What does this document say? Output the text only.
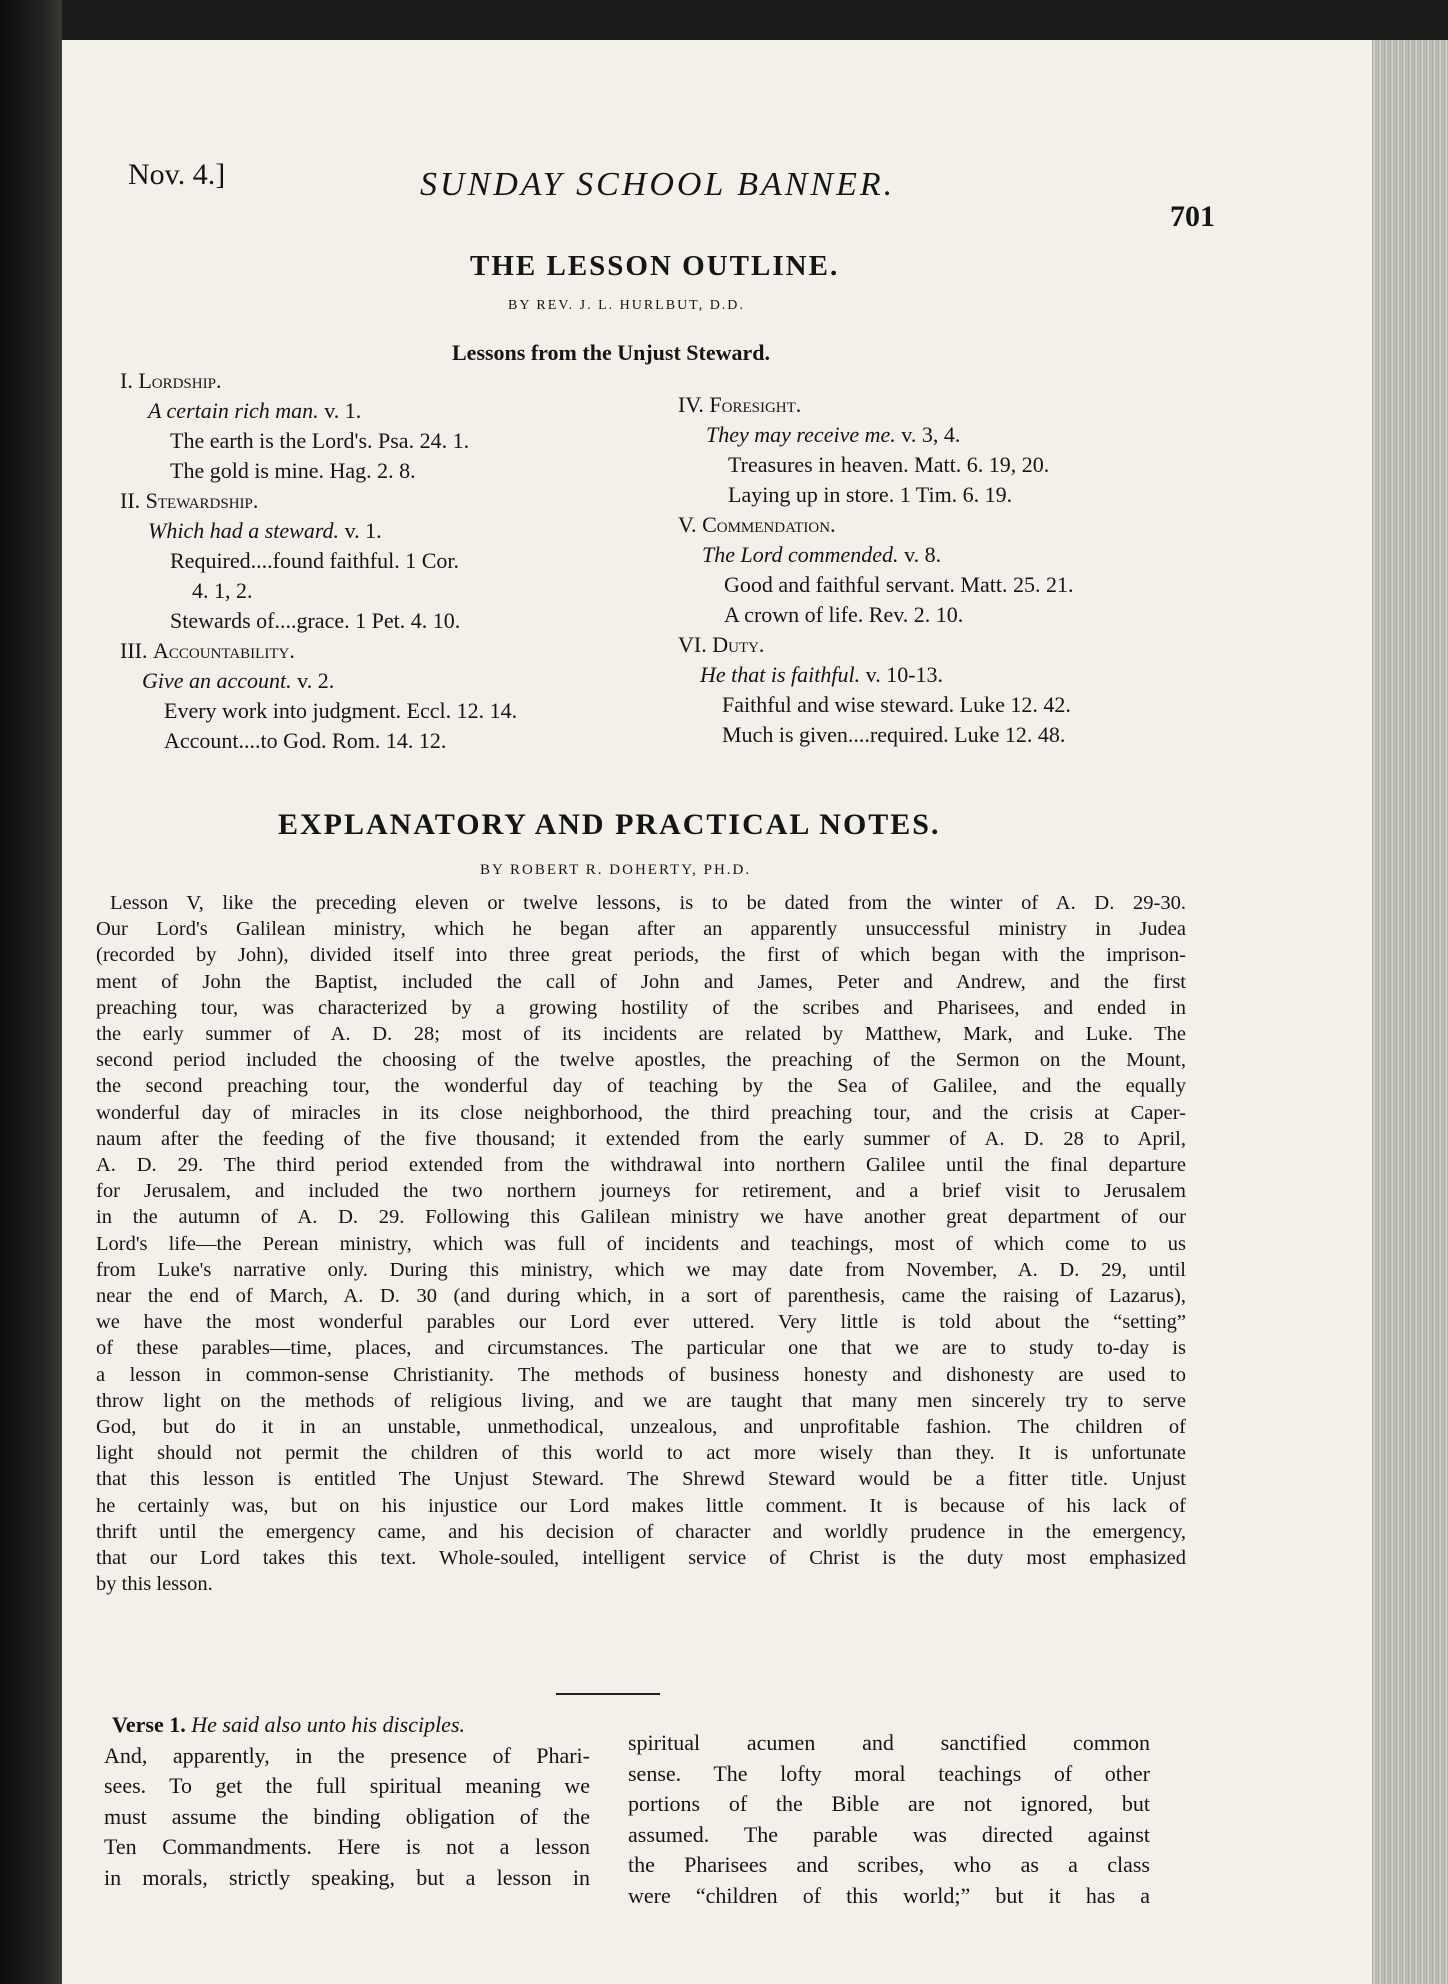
Nov. 4.]	SUNDAY SCHOOL BANNER.
701
THE LESSON OUTLINE.
BY REV. J. L. HURLBUT, D.D.
Lessons from the Unjust Steward.
I. Lordship.
A certain rich man. v. 1.
The earth is the Lord's. Psa. 24. 1.
The gold is mine. Hag. 2. 8.
II. Stewardship.
Which had a steward. v. 1.
Required....found faithful. 1 Cor.
4. 1, 2.
Stewards of....grace. 1 Pet. 4. 10.
III. Accountability.
Give an account. v. 2.
Every work into judgment. Eccl. 12. 14.
Account....to God. Rom. 14. 12.
IV. Foresight.
They may receive me. v. 3, 4.
Treasures in heaven. Matt. 6. 19, 20.
Laying up in store. 1 Tim. 6. 19.
V. Commendation.
The Lord commended. v. 8.
Good and faithful servant. Matt. 25. 21.
A crown of life. Rev. 2. 10.
VI. Duty.
He that is faithful. v. 10-13.
Faithful and wise steward. Luke 12. 42.
Much is given....required. Luke 12. 48.
EXPLANATORY AND PRACTICAL NOTES.
BY ROBERT R. DOHERTY, PH.D.
Lesson V, like the preceding eleven or twelve lessons, is to be dated from the winter of A. D. 29-30.
Our Lord's Galilean ministry, which he began after an apparently unsuccessful ministry in Judea
(recorded by John), divided itself into three great periods, the first of which began with the imprison-
ment of John the Baptist, included the call of John and James, Peter and Andrew, and the first
preaching tour, was characterized by a growing hostility of the scribes and Pharisees, and ended in
the early summer of A. D. 28; most of its incidents are related by Matthew, Mark, and Luke. The
second period included the choosing of the twelve apostles, the preaching of the Sermon on the Mount,
the second preaching tour, the wonderful day of teaching by the Sea of Galilee, and the equally
wonderful day of miracles in its close neighborhood, the third preaching tour, and the crisis at Caper-
naum after the feeding of the five thousand; it extended from the early summer of A. D. 28 to April,
A. D. 29. The third period extended from the withdrawal into northern Galilee until the final departure
for Jerusalem, and included the two northern journeys for retirement, and a brief visit to Jerusalem
in the autumn of A. D. 29. Following this Galilean ministry we have another great department of our
Lord's life—the Perean ministry, which was full of incidents and teachings, most of which come to us
from Luke's narrative only. During this ministry, which we may date from November, A. D. 29, until
near the end of March, A. D. 30 (and during which, in a sort of parenthesis, came the raising of Lazarus),
we have the most wonderful parables our Lord ever uttered. Very little is told about the “setting”
of these parables—time, places, and circumstances. The particular one that we are to study to-day is
a lesson in common-sense Christianity. The methods of business honesty and dishonesty are used to
throw light on the methods of religious living, and we are taught that many men sincerely try to serve
God, but do it in an unstable, unmethodical, unzealous, and unprofitable fashion. The children of
light should not permit the children of this world to act more wisely than they. It is unfortunate
that this lesson is entitled The Unjust Steward. The Shrewd Steward would be a fitter title. Unjust
he certainly was, but on his injustice our Lord makes little comment. It is because of his lack of
thrift until the emergency came, and his decision of character and worldly prudence in the emergency,
that our Lord takes this text. Whole-souled, intelligent service of Christ is the duty most emphasized
by this lesson.
Verse 1. He said also unto his disciples.
And, apparently, in the presence of Phari-
sees. To get the full spiritual meaning we
must assume the binding obligation of the
Ten Commandments. Here is not a lesson
in morals, strictly speaking, but a lesson in
spiritual acumen and sanctified common
sense. The lofty moral teachings of other
portions of the Bible are not ignored, but
assumed. The parable was directed against
the Pharisees and scribes, who as a class
were “children of this world;” but it has a
